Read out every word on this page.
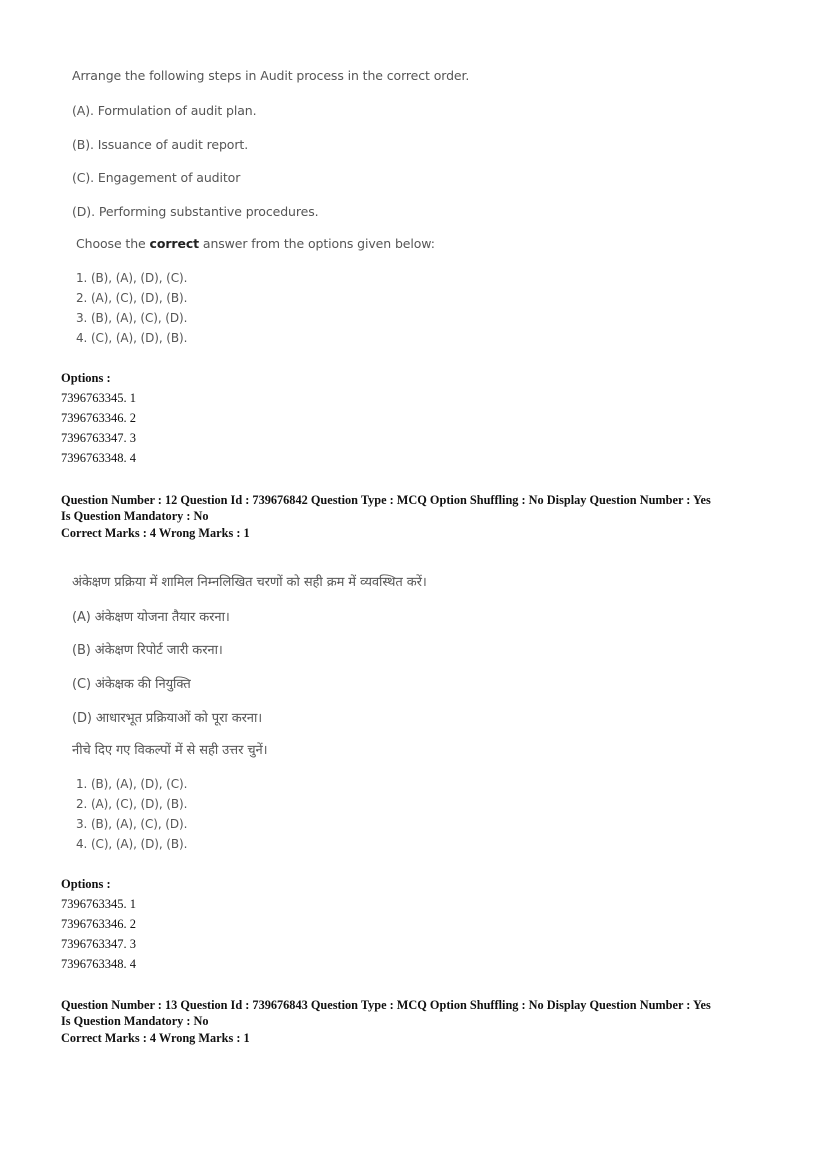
Arrange the following steps in Audit process in the correct order.
(A). Formulation of audit plan.
(B). Issuance of audit report.
(C). Engagement of auditor
(D). Performing substantive procedures.
Choose the correct answer from the options given below:
1. (B), (A), (D), (C).
2. (A), (C), (D), (B).
3. (B), (A), (C), (D).
4. (C), (A), (D), (B).
Options :
7396763345. 1
7396763346. 2
7396763347. 3
7396763348. 4
Question Number : 12 Question Id : 739676842 Question Type : MCQ Option Shuffling : No Display Question Number : Yes
Is Question Mandatory : No
Correct Marks : 4 Wrong Marks : 1
अंकेक्षण प्रक्रिया में शामिल निम्नलिखित चरणों को सही क्रम में व्यवस्थित करें।
(A) अंकेक्षण योजना तैयार करना।
(B) अंकेक्षण रिपोर्ट जारी करना।
(C) अंकेक्षक की नियुक्ति
(D) आधारभूत प्रक्रियाओं को पूरा करना।
नीचे दिए गए विकल्पों में से सही उत्तर चुनें।
1. (B), (A), (D), (C).
2. (A), (C), (D), (B).
3. (B), (A), (C), (D).
4. (C), (A), (D), (B).
Options :
7396763345. 1
7396763346. 2
7396763347. 3
7396763348. 4
Question Number : 13 Question Id : 739676843 Question Type : MCQ Option Shuffling : No Display Question Number : Yes
Is Question Mandatory : No
Correct Marks : 4 Wrong Marks : 1
